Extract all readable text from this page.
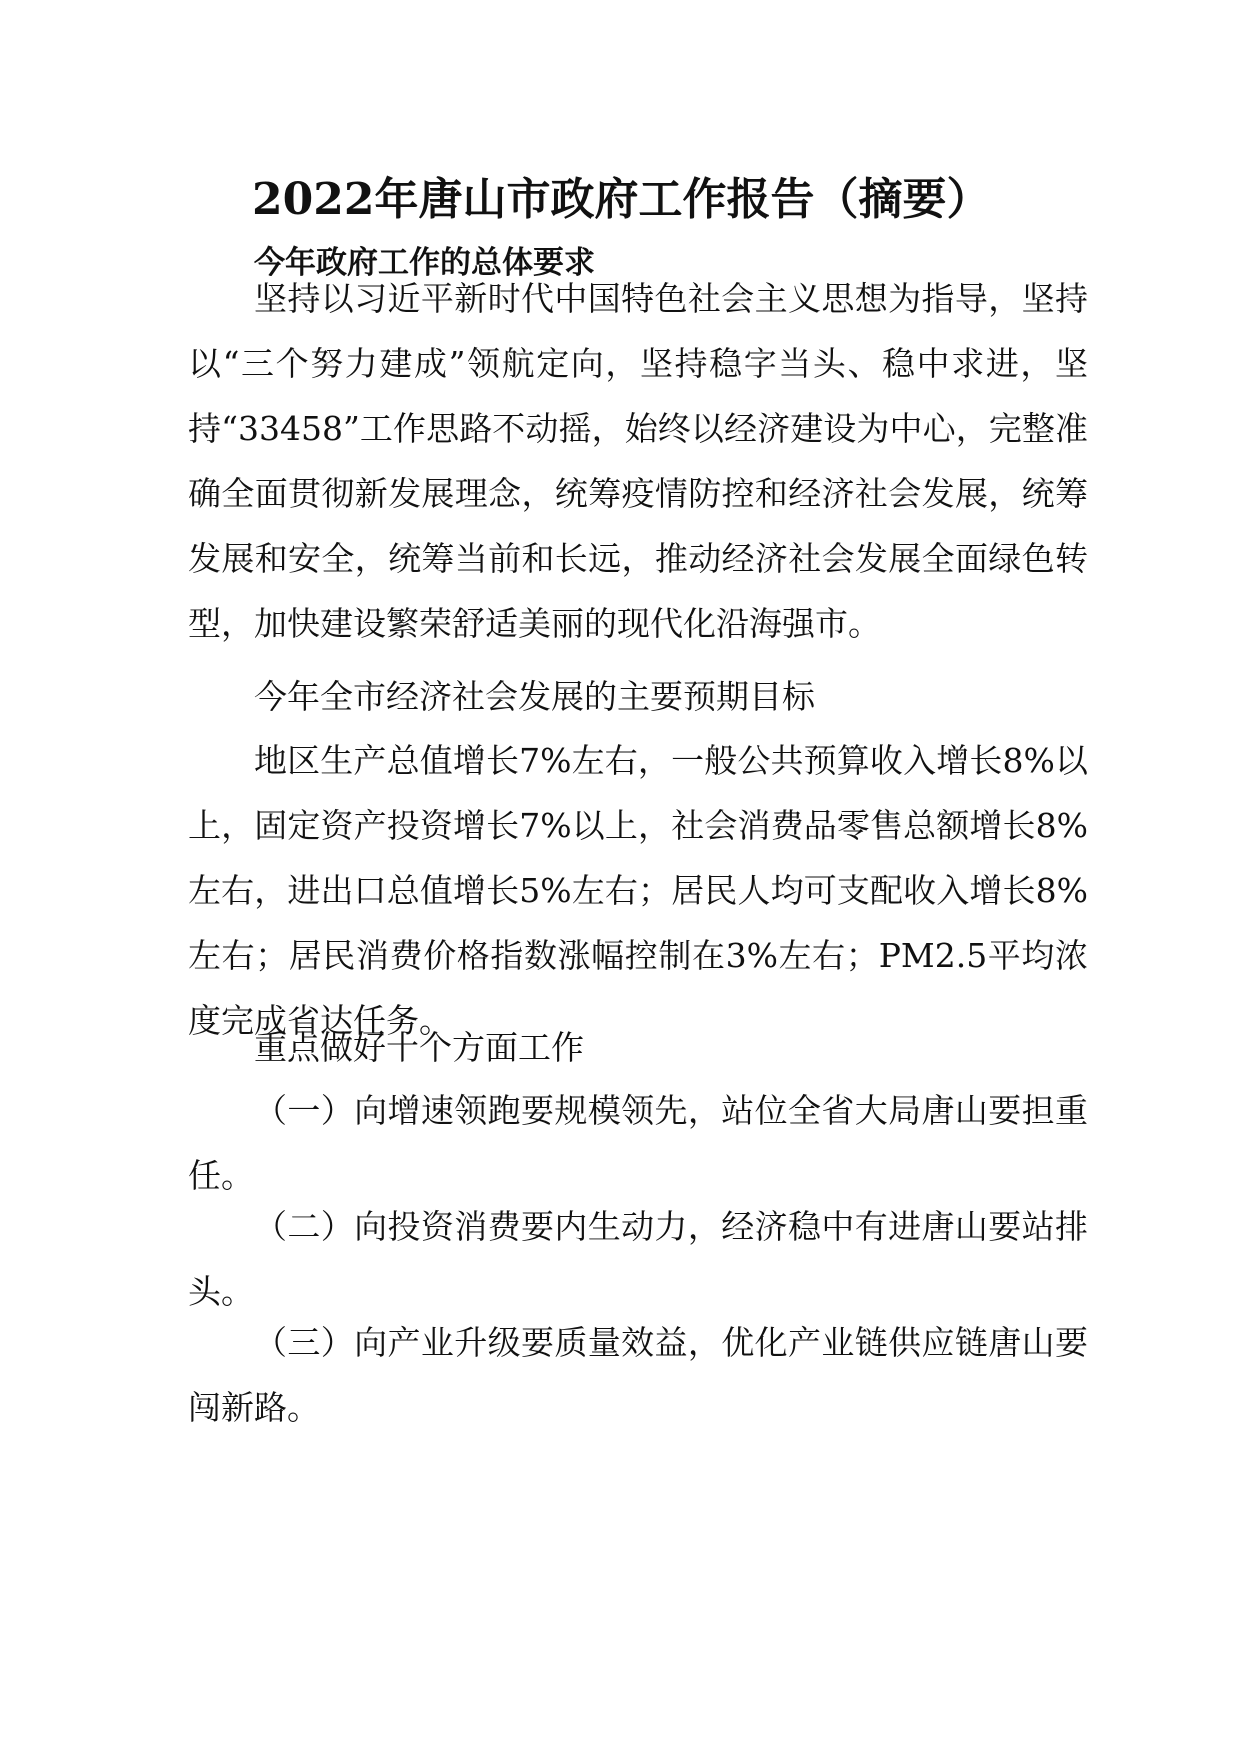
2022年唐山市政府工作报告（摘要）
今年政府工作的总体要求

坚持以习近平新时代中国特色社会主义思想为指导，坚持以“三个努力建成”领航定向，坚持稳字当头、稳中求进，坚持“33458”工作思路不动摇，始终以经济建设为中心，完整准确全面贯彻新发展理念，统筹疫情防控和经济社会发展，统筹发展和安全，统筹当前和长远，推动经济社会发展全面绿色转型，加快建设繁荣舒适美丽的现代化沿海强市。

今年全市经济社会发展的主要预期目标

地区生产总值增长7%左右，一般公共预算收入增长8%以上，固定资产投资增长7%以上，社会消费品零售总额增长8%左右，进出口总值增长5%左右；居民人均可支配收入增长8%左右；居民消费价格指数涨幅控制在3%左右；PM2.5平均浓度完成省达任务。

重点做好十个方面工作

（一）向增速领跑要规模领先，站位全省大局唐山要担重任。

（二）向投资消费要内生动力，经济稳中有进唐山要站排头。

（三）向产业升级要质量效益，优化产业链供应链唐山要闯新路。
